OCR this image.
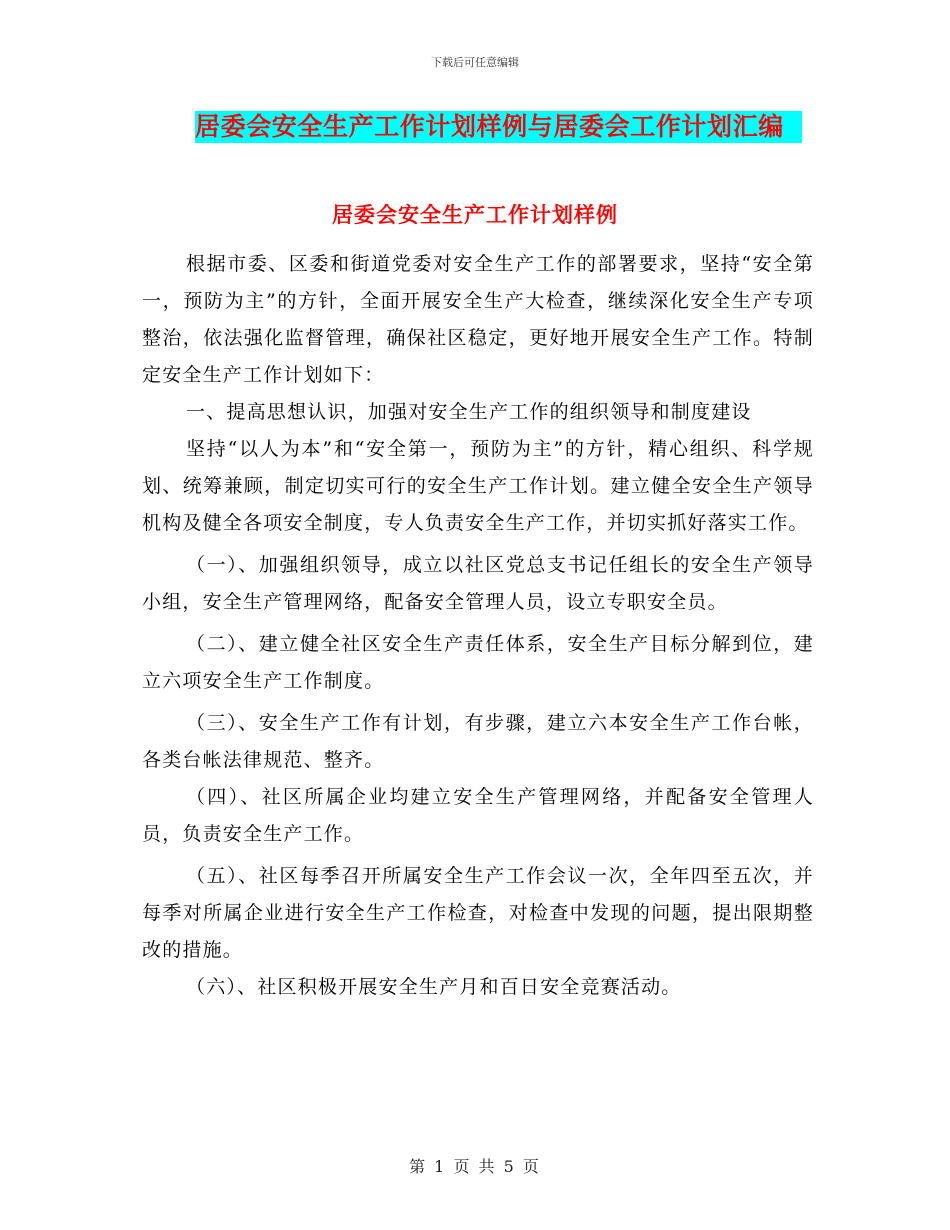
下载后可任意编辑
居委会安全生产工作计划样例与居委会工作计划汇编
居委会安全生产工作计划样例

根据市委、区委和街道党委对安全生产工作的部署要求，坚持“安全第一，预防为主”的方针，全面开展安全生产大检查，继续深化安全生产专项整治，依法强化监督管理，确保社区稳定，更好地开展安全生产工作。特制定安全生产工作计划如下：

一、提高思想认识，加强对安全生产工作的组织领导和制度建设

坚持“以人为本”和“安全第一，预防为主”的方针，精心组织、科学规划、统筹兼顾，制定切实可行的安全生产工作计划。建立健全安全生产领导机构及健全各项安全制度，专人负责安全生产工作，并切实抓好落实工作。

（一）、加强组织领导，成立以社区党总支书记任组长的安全生产领导小组，安全生产管理网络，配备安全管理人员，设立专职安全员。

（二）、建立健全社区安全生产责任体系，安全生产目标分解到位，建立六项安全生产工作制度。

（三）、安全生产工作有计划，有步骤，建立六本安全生产工作台帐，各类台帐法律规范、整齐。

（四）、社区所属企业均建立安全生产管理网络，并配备安全管理人员，负责安全生产工作。

（五）、社区每季召开所属安全生产工作会议一次，全年四至五次，并每季对所属企业进行安全生产工作检查，对检查中发现的问题，提出限期整改的措施。

（六）、社区积极开展安全生产月和百日安全竞赛活动。

第 1 页 共 5 页
